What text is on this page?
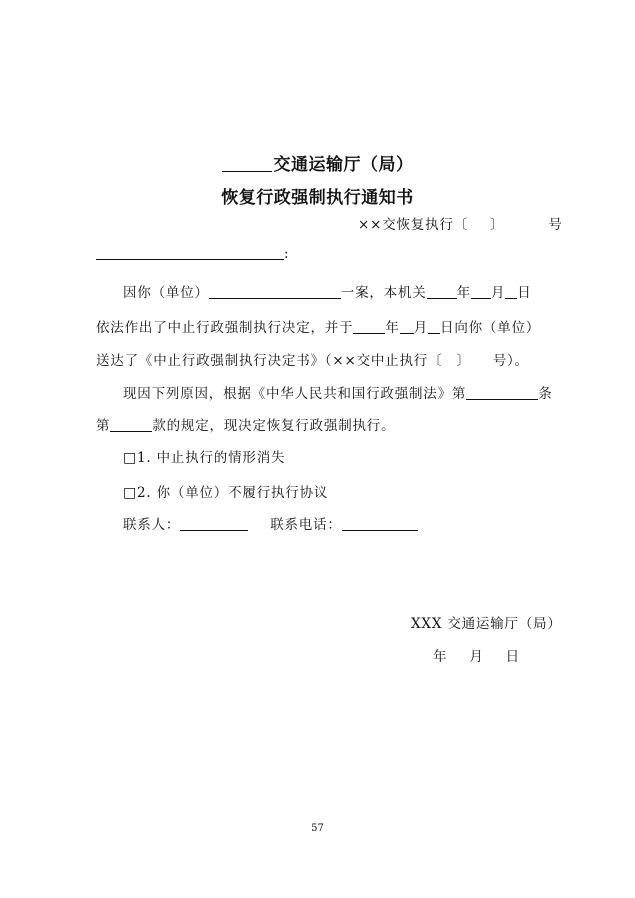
交通运输厅（局）
恢复行政强制执行通知书
××交恢复执行〔 〕	号
:
因你（单位）	一案，本机关 年 月 日
依法作出了中止行政强制执行决定，并于 年 月 日向你（单位）
送达了《中止行政强制执行决定书》（××交中止执行〔 〕 号）。
现因下列原因，根据《中华人民共和国行政强制法》第	条
第	款的规定，现决定恢复行政强制执行。
□1. 中止执行的情形消失
□2. 你（单位）不履行执行协议
联系人：	联系电话：
XXX 交通运输厅（局）
年 月 日
57
